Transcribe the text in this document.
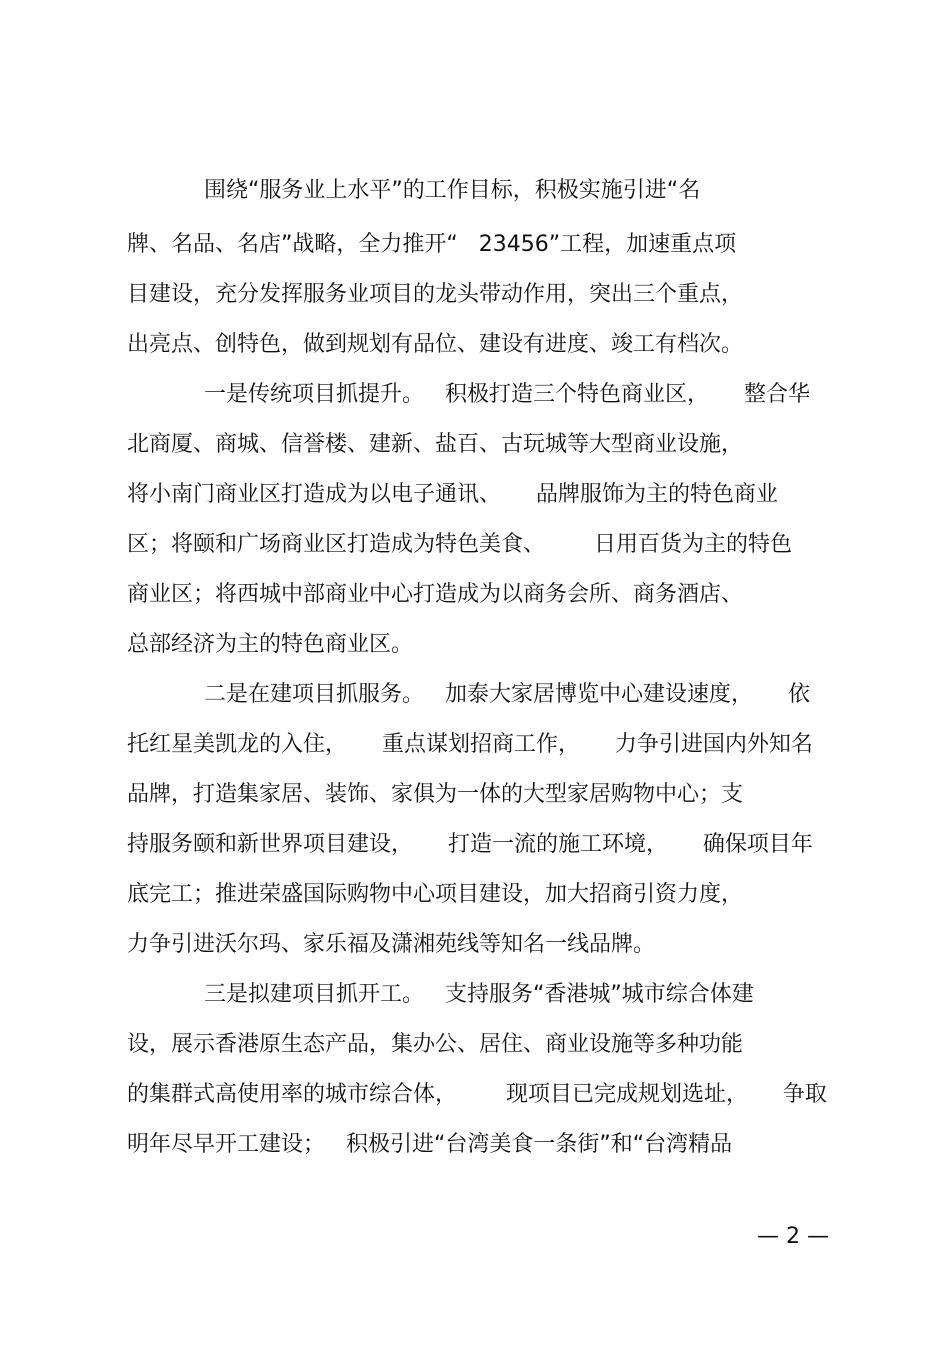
围绕“服务业上水平”的工作目标，积极实施引进“名
牌、名品、名店”战略，全力推开“   23456”工程，加速重点项
目建设，充分发挥服务业项目的龙头带动作用，突出三个重点，
出亮点、创特色，做到规划有品位、建设有进度、竣工有档次。
一是传统项目抓提升。   积极打造三个特色商业区，     整合华
北商厦、商城、信誉楼、建新、盐百、古玩城等大型商业设施，
将小南门商业区打造成为以电子通讯、     品牌服饰为主的特色商业
区；将颐和广场商业区打造成为特色美食、       日用百货为主的特色
商业区；将西城中部商业中心打造成为以商务会所、商务酒店、
总部经济为主的特色商业区。
二是在建项目抓服务。   加泰大家居博览中心建设速度，     依
托红星美凯龙的入住，     重点谋划招商工作，     力争引进国内外知名
品牌，打造集家居、装饰、家俱为一体的大型家居购物中心；支
持服务颐和新世界项目建设，     打造一流的施工环境，     确保项目年
底完工；推进荣盛国际购物中心项目建设，加大招商引资力度，
力争引进沃尔玛、家乐福及潇湘苑线等知名一线品牌。
三是拟建项目抓开工。   支持服务“香港城”城市综合体建
设，展示香港原生态产品，集办公、居住、商业设施等多种功能
的集群式高使用率的城市综合体，       现项目已完成规划选址，     争取
明年尽早开工建设；   积极引进“台湾美食一条街”和“台湾精品
— 2 —
